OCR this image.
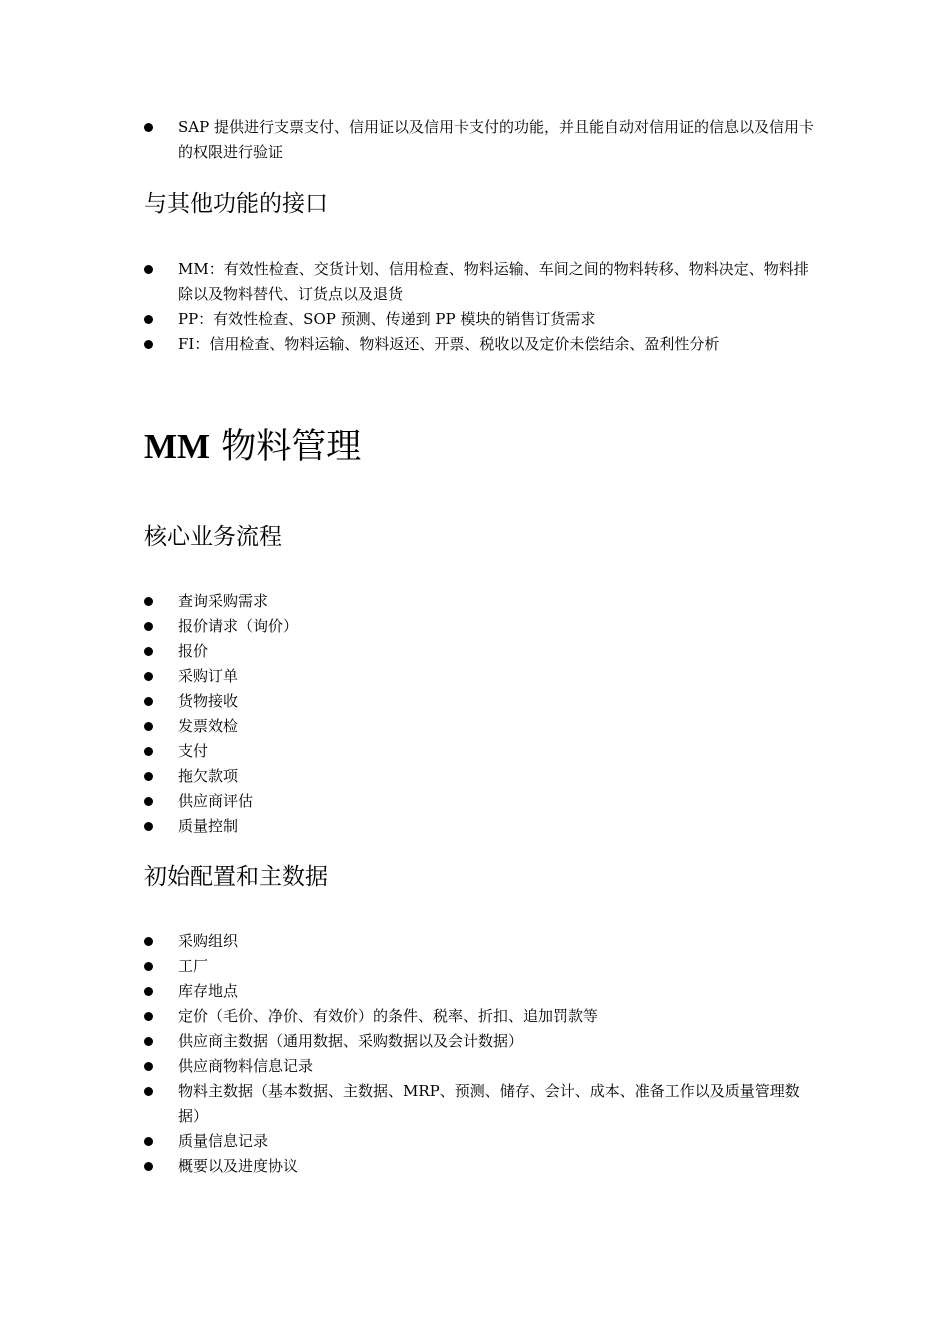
SAP 提供进行支票支付、信用证以及信用卡支付的功能，并且能自动对信用证的信息以及信用卡的权限进行验证
与其他功能的接口
MM：有效性检查、交货计划、信用检查、物料运输、车间之间的物料转移、物料决定、物料排除以及物料替代、订货点以及退货
PP：有效性检查、SOP 预测、传递到 PP 模块的销售订货需求
FI：信用检查、物料运输、物料返还、开票、税收以及定价未偿结余、盈利性分析
MM 物料管理
核心业务流程
查询采购需求
报价请求（询价）
报价
采购订单
货物接收
发票效检
支付
拖欠款项
供应商评估
质量控制
初始配置和主数据
采购组织
工厂
库存地点
定价（毛价、净价、有效价）的条件、税率、折扣、追加罚款等
供应商主数据（通用数据、采购数据以及会计数据）
供应商物料信息记录
物料主数据（基本数据、主数据、MRP、预测、储存、会计、成本、准备工作以及质量管理数据）
质量信息记录
概要以及进度协议
